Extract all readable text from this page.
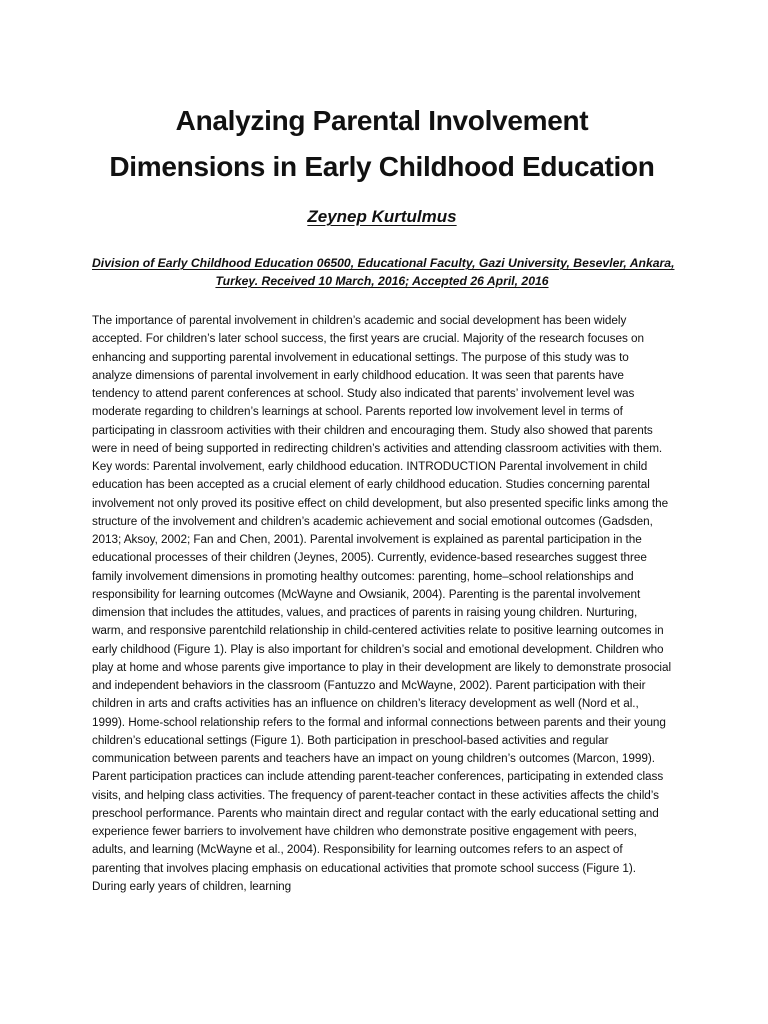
Analyzing Parental Involvement
Dimensions in Early Childhood Education
Zeynep Kurtulmus
Division of Early Childhood Education 06500, Educational Faculty, Gazi University, Besevler, Ankara,
Turkey. Received 10 March, 2016; Accepted 26 April, 2016

The importance of parental involvement in children’s academic and social development has been widely accepted. For children’s later school success, the first years are crucial. Majority of the research focuses on enhancing and supporting parental involvement in educational settings. The purpose of this study was to analyze dimensions of parental involvement in early childhood education. It was seen that parents have tendency to attend parent conferences at school. Study also indicated that parents’ involvement level was moderate regarding to children’s learnings at school. Parents reported low involvement level in terms of participating in classroom activities with their children and encouraging them. Study also showed that parents were in need of being supported in redirecting children’s activities and attending classroom activities with them. Key words: Parental involvement, early childhood education. INTRODUCTION Parental involvement in child education has been accepted as a crucial element of early childhood education. Studies concerning parental involvement not only proved its positive effect on child development, but also presented specific links among the structure of the involvement and children’s academic achievement and social emotional outcomes (Gadsden, 2013; Aksoy, 2002; Fan and Chen, 2001). Parental involvement is explained as parental participation in the educational processes of their children (Jeynes, 2005). Currently, evidence-based researches suggest three family involvement dimensions in promoting healthy outcomes: parenting, home–school relationships and responsibility for learning outcomes (McWayne and Owsianik, 2004). Parenting is the parental involvement dimension that includes the attitudes, values, and practices of parents in raising young children. Nurturing, warm, and responsive parentchild relationship in child-centered activities relate to positive learning outcomes in early childhood (Figure 1). Play is also important for children’s social and emotional development. Children who play at home and whose parents give importance to play in their development are likely to demonstrate prosocial and independent behaviors in the classroom (Fantuzzo and McWayne, 2002). Parent participation with their children in arts and crafts activities has an influence on children’s literacy development as well (Nord et al., 1999). Home-school relationship refers to the formal and informal connections between parents and their young children’s educational settings (Figure 1). Both participation in preschool-based activities and regular communication between parents and teachers have an impact on young children’s outcomes (Marcon, 1999). Parent participation practices can include attending parent-teacher conferences, participating in extended class visits, and helping class activities. The frequency of parent-teacher contact in these activities affects the child’s preschool performance. Parents who maintain direct and regular contact with the early educational setting and experience fewer barriers to involvement have children who demonstrate positive engagement with peers, adults, and learning (McWayne et al., 2004). Responsibility for learning outcomes refers to an aspect of parenting that involves placing emphasis on educational activities that promote school success (Figure 1). During early years of children, learning
